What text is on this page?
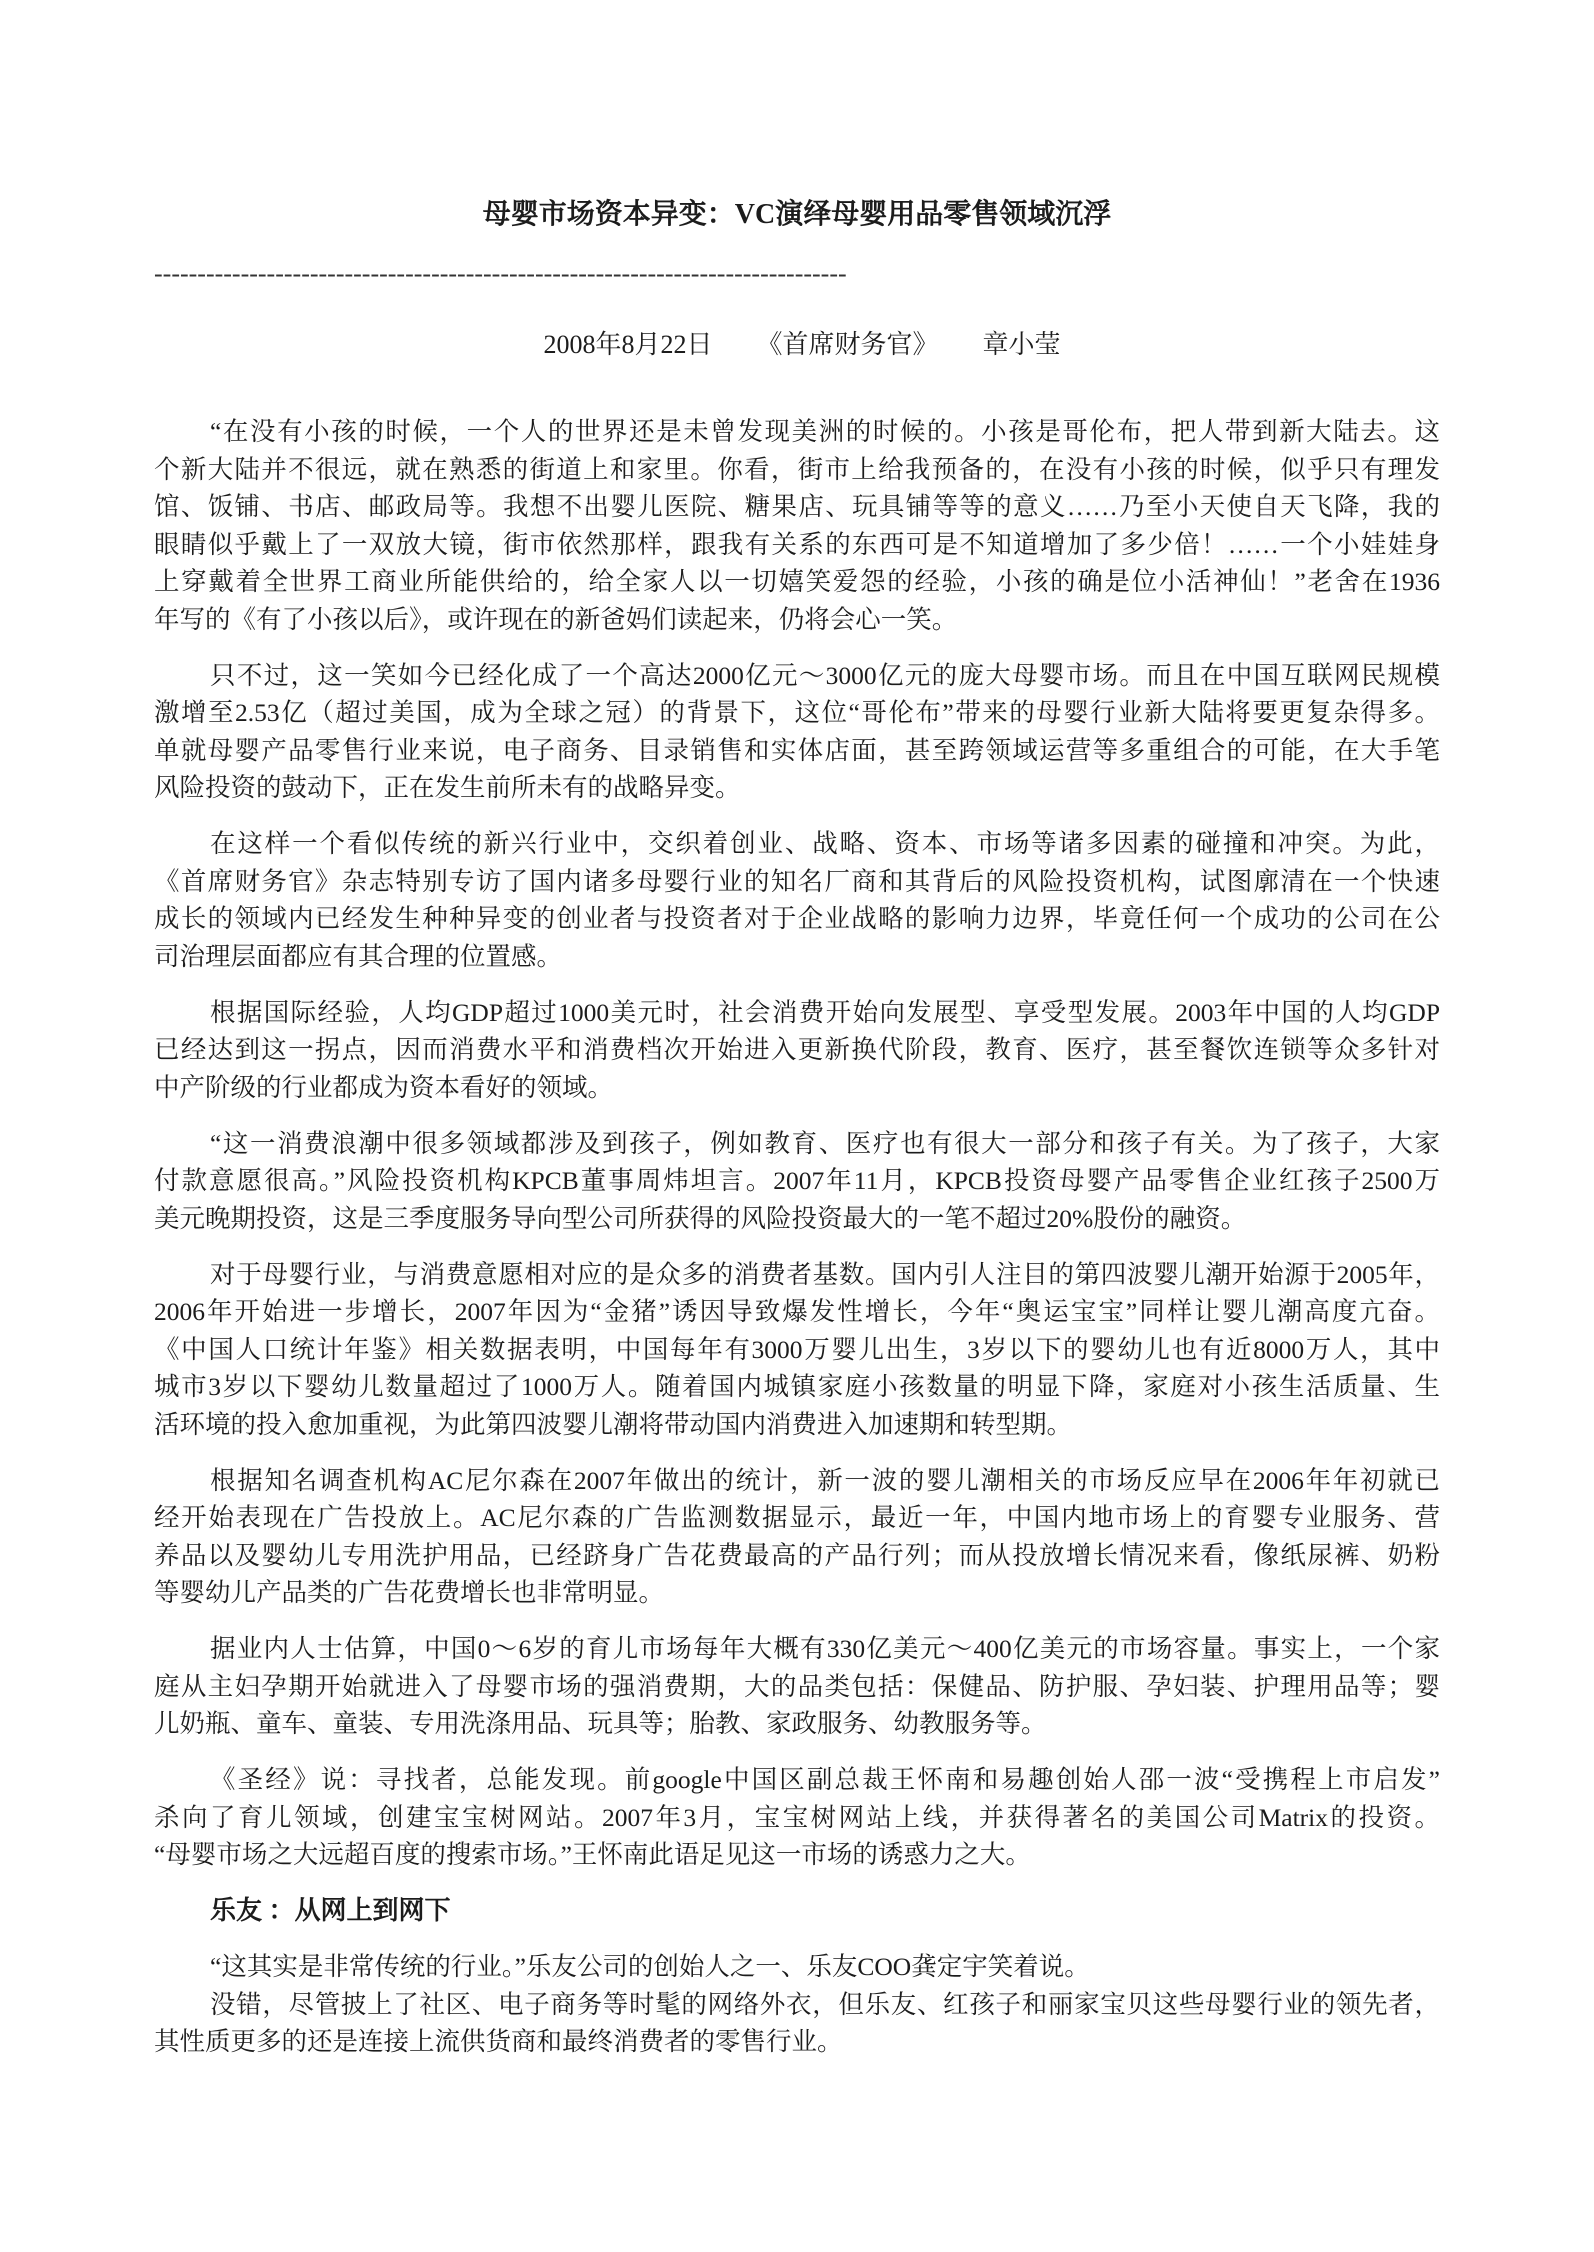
母婴市场资本异变：VC演绎母婴用品零售领域沉浮
--------------------------------------------------------------------------------
2008年8月22日 《首席财务官》 章小莹
“在没有小孩的时候，一个人的世界还是未曾发现美洲的时候的。小孩是哥伦布，把人带到新大陆去。这
个新大陆并不很远，就在熟悉的街道上和家里。你看，街市上给我预备的，在没有小孩的时候，似乎只有理发
馆、饭铺、书店、邮政局等。我想不出婴儿医院、糖果店、玩具铺等等的意义……乃至小天使自天飞降，我的
眼睛似乎戴上了一双放大镜，街市依然那样，跟我有关系的东西可是不知道增加了多少倍！……一个小娃娃身
上穿戴着全世界工商业所能供给的，给全家人以一切嬉笑爱怨的经验，小孩的确是位小活神仙！”老舍在1936
年写的《有了小孩以后》，或许现在的新爸妈们读起来，仍将会心一笑。
只不过，这一笑如今已经化成了一个高达2000亿元～3000亿元的庞大母婴市场。而且在中国互联网民规模
激增至2.53亿（超过美国，成为全球之冠）的背景下，这位“哥伦布”带来的母婴行业新大陆将要更复杂得多。
单就母婴产品零售行业来说，电子商务、目录销售和实体店面，甚至跨领域运营等多重组合的可能，在大手笔
风险投资的鼓动下，正在发生前所未有的战略异变。
在这样一个看似传统的新兴行业中，交织着创业、战略、资本、市场等诸多因素的碰撞和冲突。为此，
《首席财务官》杂志特别专访了国内诸多母婴行业的知名厂商和其背后的风险投资机构，试图廓清在一个快速
成长的领域内已经发生种种异变的创业者与投资者对于企业战略的影响力边界，毕竟任何一个成功的公司在公
司治理层面都应有其合理的位置感。
根据国际经验，人均GDP超过1000美元时，社会消费开始向发展型、享受型发展。2003年中国的人均GDP
已经达到这一拐点，因而消费水平和消费档次开始进入更新换代阶段，教育、医疗，甚至餐饮连锁等众多针对
中产阶级的行业都成为资本看好的领域。
“这一消费浪潮中很多领域都涉及到孩子，例如教育、医疗也有很大一部分和孩子有关。为了孩子，大家
付款意愿很高。”风险投资机构KPCB董事周炜坦言。2007年11月，KPCB投资母婴产品零售企业红孩子2500万
美元晚期投资，这是三季度服务导向型公司所获得的风险投资最大的一笔不超过20%股份的融资。
对于母婴行业，与消费意愿相对应的是众多的消费者基数。国内引人注目的第四波婴儿潮开始源于2005年，
2006年开始进一步增长，2007年因为“金猪”诱因导致爆发性增长，今年“奥运宝宝”同样让婴儿潮高度亢奋。
《中国人口统计年鉴》相关数据表明，中国每年有3000万婴儿出生，3岁以下的婴幼儿也有近8000万人，其中
城市3岁以下婴幼儿数量超过了1000万人。随着国内城镇家庭小孩数量的明显下降，家庭对小孩生活质量、生
活环境的投入愈加重视，为此第四波婴儿潮将带动国内消费进入加速期和转型期。
根据知名调查机构AC尼尔森在2007年做出的统计，新一波的婴儿潮相关的市场反应早在2006年年初就已
经开始表现在广告投放上。AC尼尔森的广告监测数据显示，最近一年，中国内地市场上的育婴专业服务、营
养品以及婴幼儿专用洗护用品，已经跻身广告花费最高的产品行列；而从投放增长情况来看，像纸尿裤、奶粉
等婴幼儿产品类的广告花费增长也非常明显。
据业内人士估算，中国0～6岁的育儿市场每年大概有330亿美元～400亿美元的市场容量。事实上，一个家
庭从主妇孕期开始就进入了母婴市场的强消费期，大的品类包括：保健品、防护服、孕妇装、护理用品等；婴
儿奶瓶、童车、童装、专用洗涤用品、玩具等；胎教、家政服务、幼教服务等。
《圣经》说：寻找者，总能发现。前google中国区副总裁王怀南和易趣创始人邵一波“受携程上市启发”
杀向了育儿领域，创建宝宝树网站。2007年3月，宝宝树网站上线，并获得著名的美国公司Matrix的投资。
“母婴市场之大远超百度的搜索市场。”王怀南此语足见这一市场的诱惑力之大。
乐友 ：从网上到网下
“这其实是非常传统的行业。”乐友公司的创始人之一、乐友COO龚定宇笑着说。
没错，尽管披上了社区、电子商务等时髦的网络外衣，但乐友、红孩子和丽家宝贝这些母婴行业的领先者，
其性质更多的还是连接上流供货商和最终消费者的零售行业。
